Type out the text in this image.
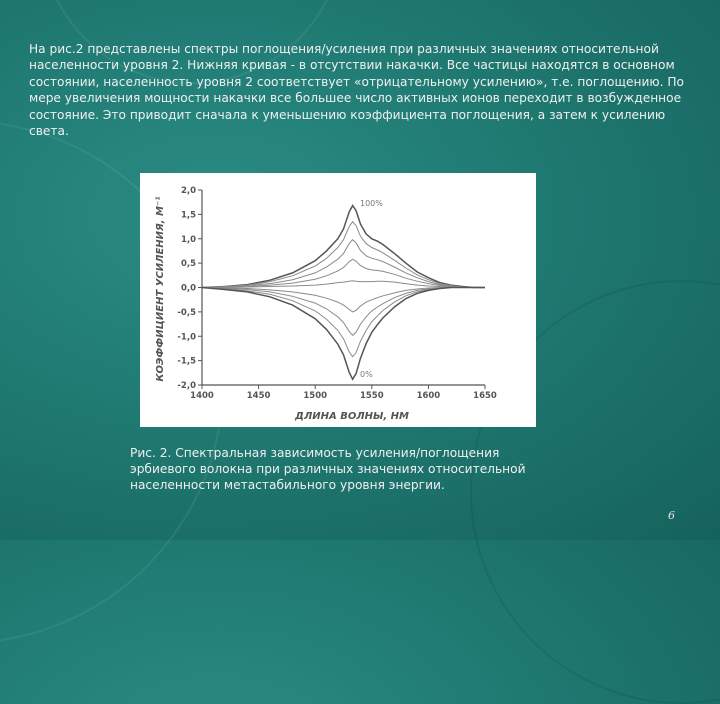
На рис.2 представлены спектры поглощения/усиления при различных значениях относительной населенности уровня 2. Нижняя кривая - в отсутствии накачки. Все частицы находятся в основном состоянии, населенность уровня 2 соответствует «отрицательному усилению», т.е. поглощению. По мере увеличения мощности накачки все большее число активных ионов переходит в возбужденное состояние. Это приводит сначала к уменьшению коэффициента поглощения, а затем к усилению света.

2,0
1,5
1,0
0,5
0,0
-0,5
-1,0
-1,5
-2,0
1400	1450	1500	1550	1600	1650
100%
0%
ДЛИНА ВОЛНЫ, НМ
КОЭФФИЦИЕНТ УСИЛЕНИЯ, М⁻¹

Рис. 2. Спектральная зависимость усиления/поглощения эрбиевого волокна при различных значениях относительной населенности метастабильного уровня энергии.

6
